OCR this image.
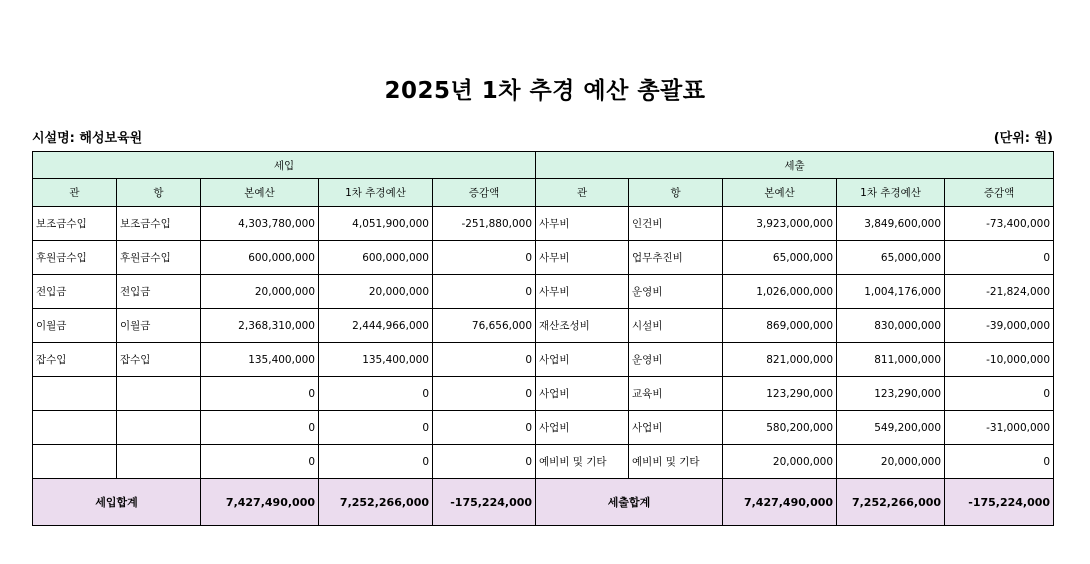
2025년 1차 추경 예산 총괄표
시설명: 해성보육원	(단위: 원)
세입					세출				
관	항	본예산	1차 추경예산	증감액	관	항	본예산	1차 추경예산	증감액
보조금수입	보조금수입	4,303,780,000	4,051,900,000	-251,880,000	사무비	인건비	3,923,000,000	3,849,600,000	-73,400,000
후원금수입	후원금수입	600,000,000	600,000,000	0	사무비	업무추진비	65,000,000	65,000,000	0
전입금	전입금	20,000,000	20,000,000	0	사무비	운영비	1,026,000,000	1,004,176,000	-21,824,000
이월금	이월금	2,368,310,000	2,444,966,000	76,656,000	재산조성비	시설비	869,000,000	830,000,000	-39,000,000
잡수입	잡수입	135,400,000	135,400,000	0	사업비	운영비	821,000,000	811,000,000	-10,000,000
		0	0	0	사업비	교육비	123,290,000	123,290,000	0
		0	0	0	사업비	사업비	580,200,000	549,200,000	-31,000,000
		0	0	0	예비비 및 기타	예비비 및 기타	20,000,000	20,000,000	0
세입합계		7,427,490,000	7,252,266,000	-175,224,000	세출합계		7,427,490,000	7,252,266,000	-175,224,000
